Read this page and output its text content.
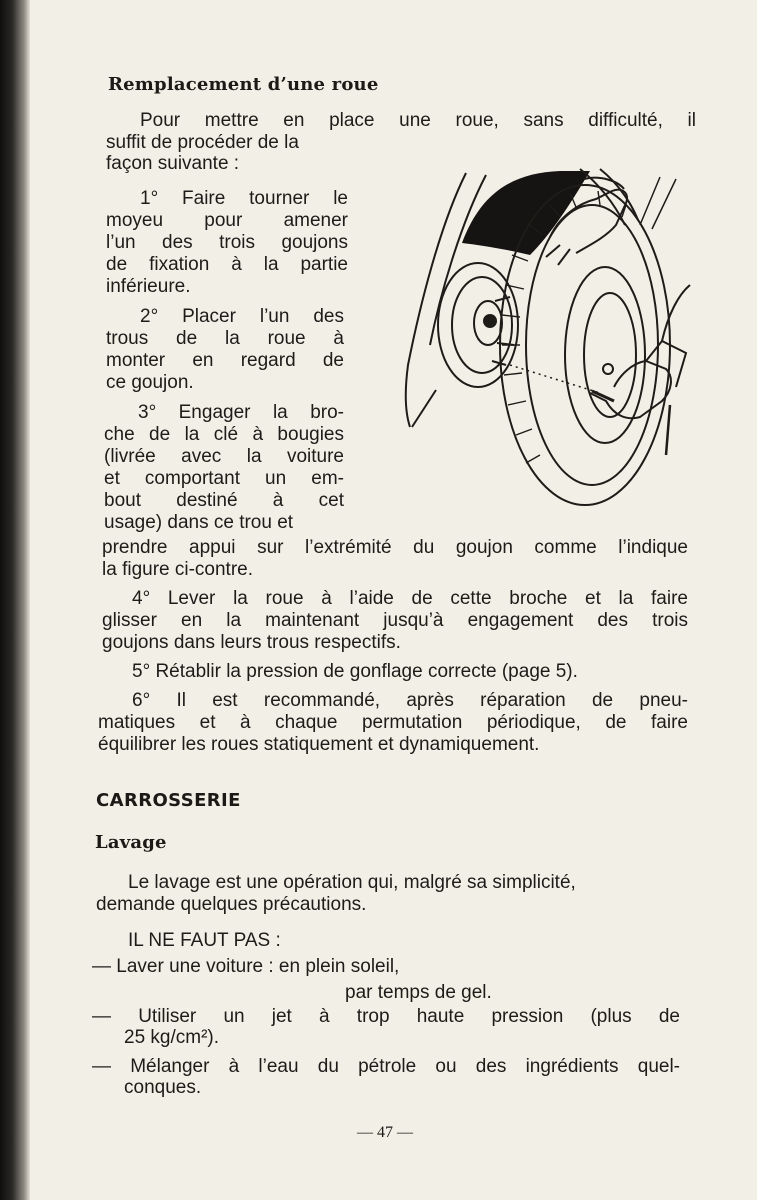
Remplacement d’une roue
Pour mettre en place une roue, sans difficulté, il
suffit de procéder de la
façon suivante :
1° Faire tourner le
moyeu pour amener
l’un des trois goujons
de fixation à la partie
inférieure.
2° Placer l’un des
trous de la roue à
monter en regard de
ce goujon.
3° Engager la bro-
che de la clé à bougies
(livrée avec la voiture
et comportant un em-
bout destiné à cet
usage) dans ce trou et
prendre appui sur l’extrémité du goujon comme l’indique
la figure ci-contre.
4° Lever la roue à l’aide de cette broche et la faire
glisser en la maintenant jusqu’à engagement des trois
goujons dans leurs trous respectifs.
5° Rétablir la pression de gonflage correcte (page 5).
6° Il est recommandé, après réparation de pneu-
matiques et à chaque permutation périodique, de faire
équilibrer les roues statiquement et dynamiquement.
CARROSSERIE
Lavage
Le lavage est une opération qui, malgré sa simplicité,
demande quelques précautions.
IL NE FAUT PAS :
— Laver une voiture : en plein soleil,
par temps de gel.
— Utiliser un jet à trop haute pression (plus de
25 kg/cm²).
— Mélanger à l’eau du pétrole ou des ingrédients quel-
conques.
— 47 —
